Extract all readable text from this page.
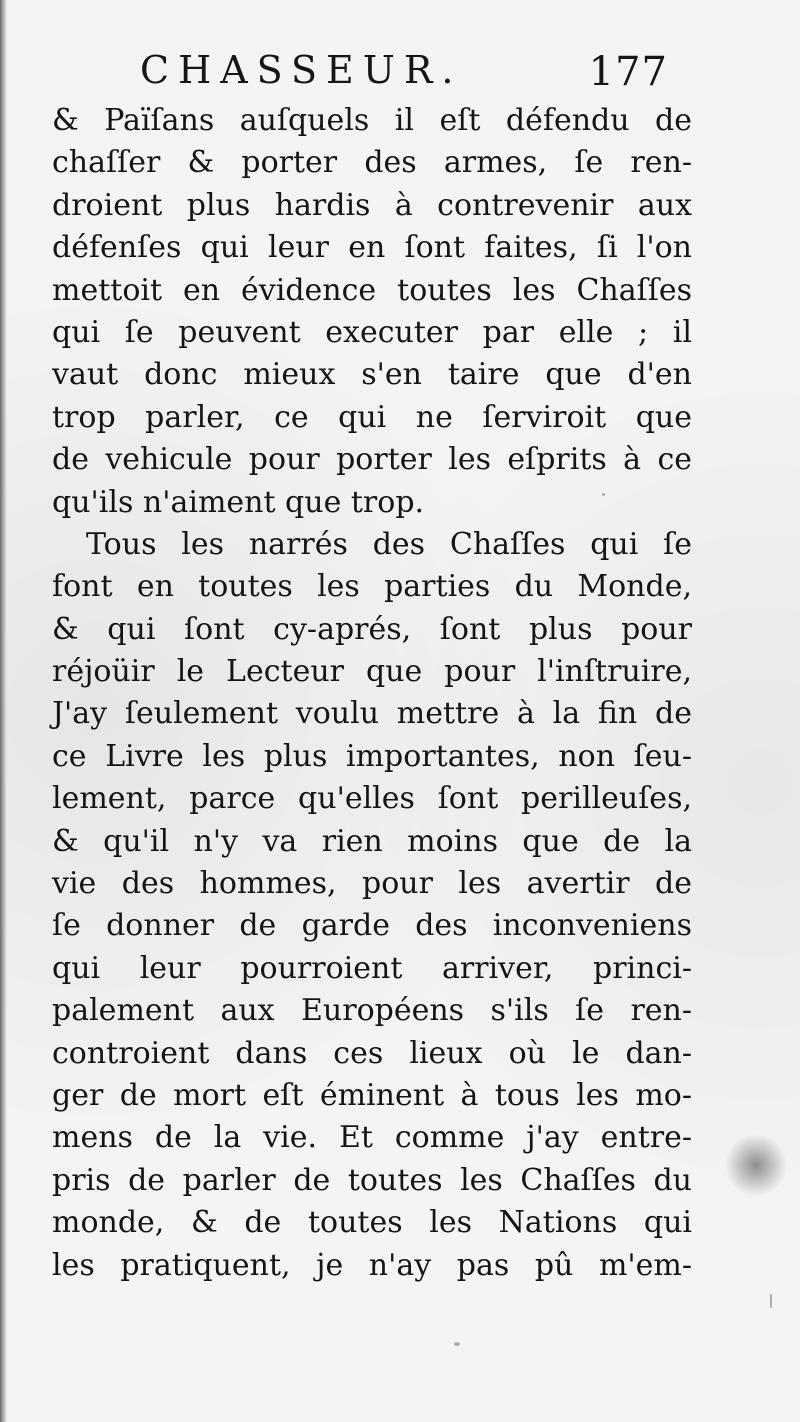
CHASSEUR.	177
& Païſans auſquels il eſt défendu de
chaſſer & porter des armes, ſe ren-
droient plus hardis à contrevenir aux
défenſes qui leur en ſont faites, ſi l'on
mettoit en évidence toutes les Chaſſes
qui ſe peuvent executer par elle ; il
vaut donc mieux s'en taire que d'en
trop parler, ce qui ne ſerviroit que
de vehicule pour porter les eſprits à ce
qu'ils n'aiment que trop.
Tous les narrés des Chaſſes qui ſe
font en toutes les parties du Monde,
& qui ſont cy-aprés, ſont plus pour
réjoüir le Lecteur que pour l'inſtruire,
J'ay ſeulement voulu mettre à la fin de
ce Livre les plus importantes, non ſeu-
lement, parce qu'elles ſont perilleuſes,
& qu'il n'y va rien moins que de la
vie des hommes, pour les avertir de
ſe donner de garde des inconveniens
qui leur pourroient arriver, princi-
palement aux Européens s'ils ſe ren-
controient dans ces lieux où le dan-
ger de mort eſt éminent à tous les mo-
mens de la vie. Et comme j'ay entre-
pris de parler de toutes les Chaſſes du
monde, & de toutes les Nations qui
les pratiquent, je n'ay pas pû m'em-
